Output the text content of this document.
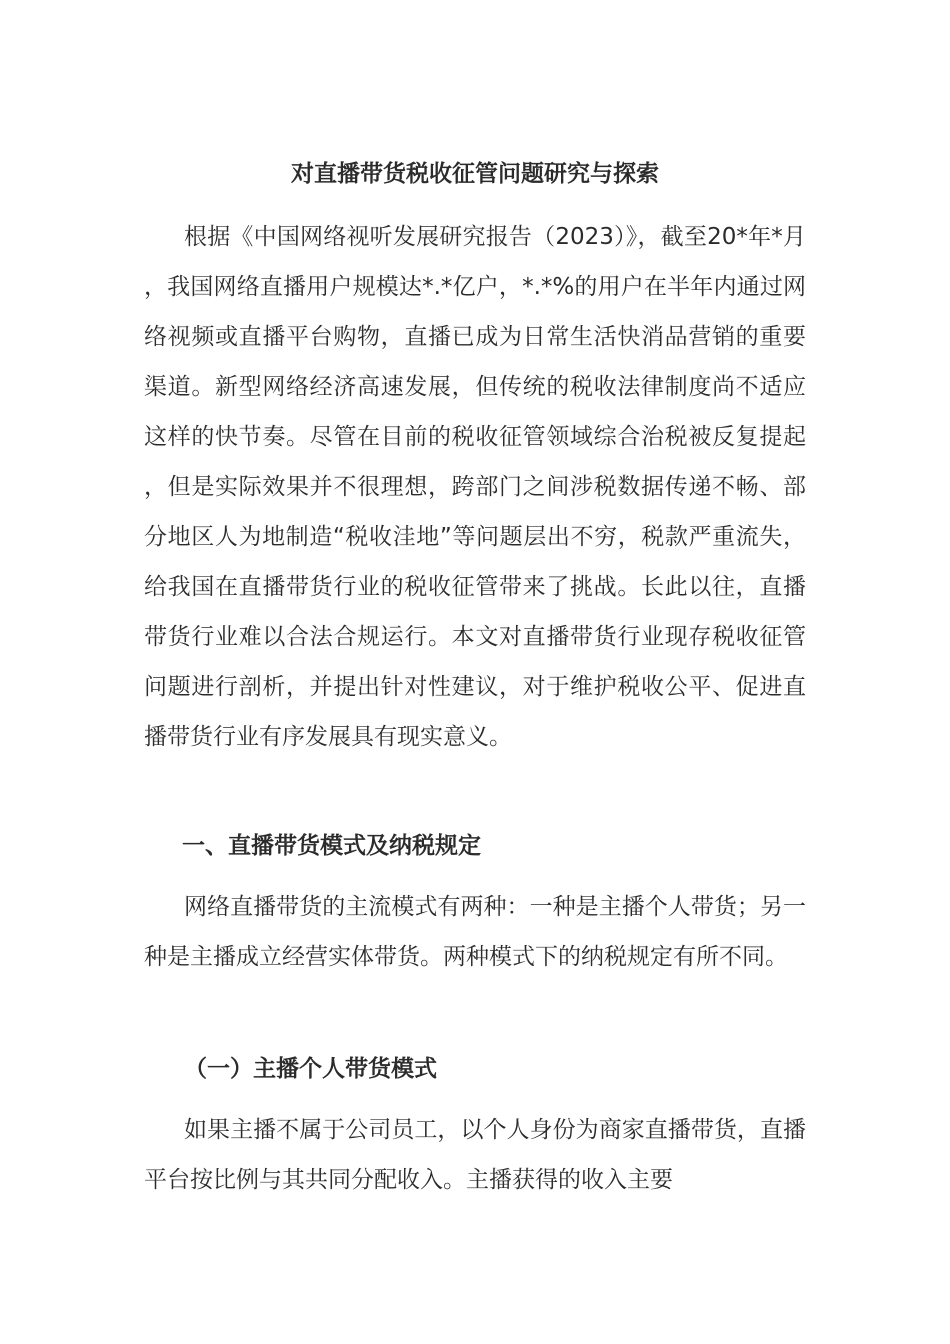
对直播带货税收征管问题研究与探索

根据《中国网络视听发展研究报告（2023）》，截至20*年*月，我国网络直播用户规模达*.*亿户，*.*%的用户在半年内通过网络视频或直播平台购物，直播已成为日常生活快消品营销的重要渠道。新型网络经济高速发展，但传统的税收法律制度尚不适应这样的快节奏。尽管在目前的税收征管领域综合治税被反复提起，但是实际效果并不很理想，跨部门之间涉税数据传递不畅、部分地区人为地制造“税收洼地”等问题层出不穷，税款严重流失，给我国在直播带货行业的税收征管带来了挑战。长此以往，直播带货行业难以合法合规运行。本文对直播带货行业现存税收征管问题进行剖析，并提出针对性建议，对于维护税收公平、促进直播带货行业有序发展具有现实意义。

一、直播带货模式及纳税规定

网络直播带货的主流模式有两种：一种是主播个人带货；另一种是主播成立经营实体带货。两种模式下的纳税规定有所不同。

（一）主播个人带货模式

如果主播不属于公司员工，以个人身份为商家直播带货，直播平台按比例与其共同分配收入。主播获得的收入主要
